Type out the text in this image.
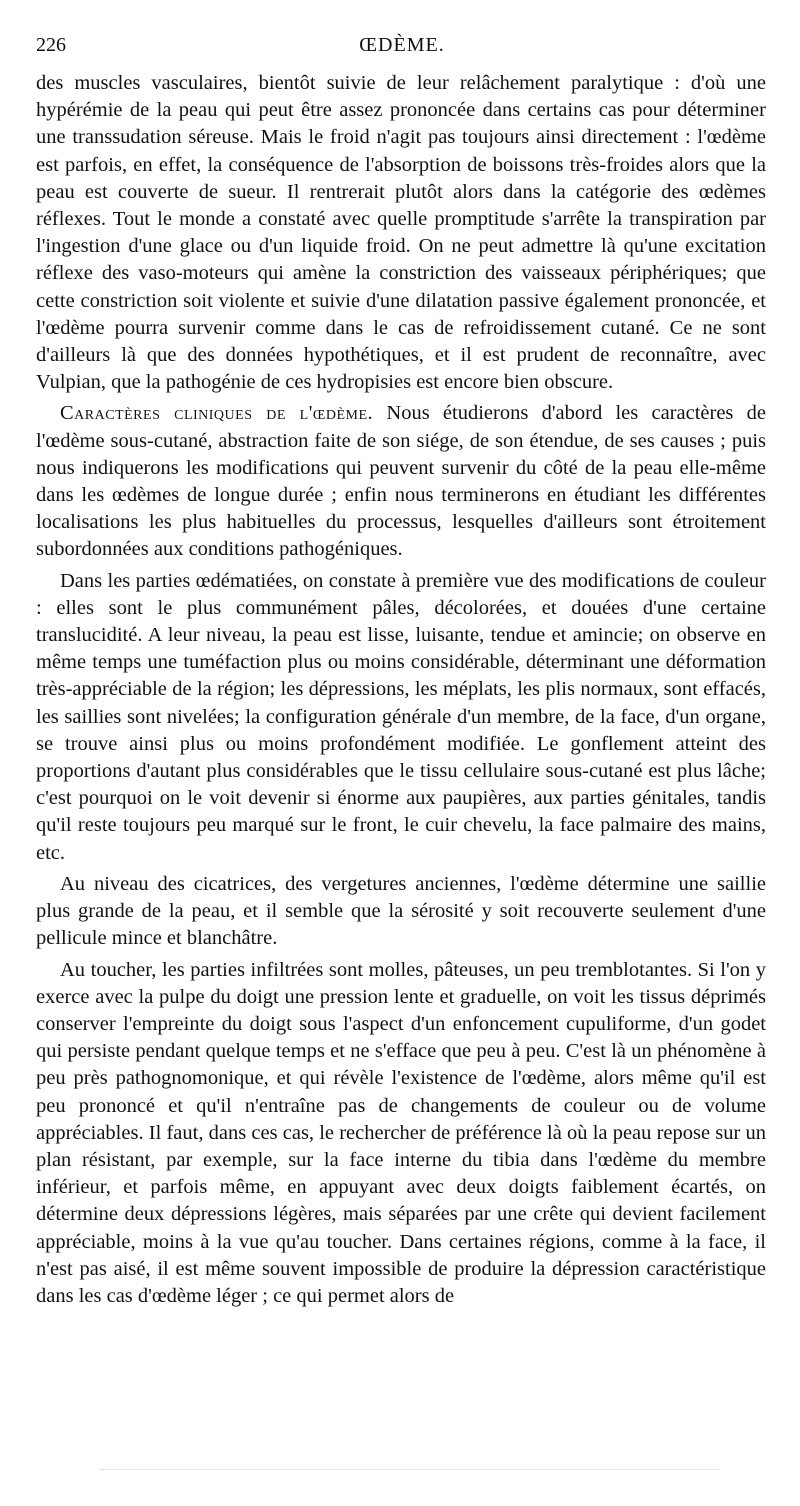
226	ŒDÈME.

des muscles vasculaires, bientôt suivie de leur relâchement paralytique : d'où une hypérémie de la peau qui peut être assez prononcée dans certains cas pour déterminer une transsudation séreuse. Mais le froid n'agit pas toujours ainsi directement : l'œdème est parfois, en effet, la conséquence de l'absorption de boissons très-froides alors que la peau est couverte de sueur. Il rentrerait plutôt alors dans la catégorie des œdèmes réflexes. Tout le monde a constaté avec quelle promptitude s'arrête la transpiration par l'ingestion d'une glace ou d'un liquide froid. On ne peut admettre là qu'une excitation réflexe des vaso-moteurs qui amène la constriction des vaisseaux périphériques; que cette constriction soit violente et suivie d'une dilatation passive également prononcée, et l'œdème pourra survenir comme dans le cas de refroidissement cutané. Ce ne sont d'ailleurs là que des données hypothétiques, et il est prudent de reconnaître, avec Vulpian, que la pathogénie de ces hydropisies est encore bien obscure.

Caractères cliniques de l'œdème. Nous étudierons d'abord les caractères de l'œdème sous-cutané, abstraction faite de son siége, de son étendue, de ses causes ; puis nous indiquerons les modifications qui peuvent survenir du côté de la peau elle-même dans les œdèmes de longue durée ; enfin nous terminerons en étudiant les différentes localisations les plus habituelles du processus, lesquelles d'ailleurs sont étroitement subordonnées aux conditions pathogéniques.

Dans les parties œdématiées, on constate à première vue des modifications de couleur : elles sont le plus communément pâles, décolorées, et douées d'une certaine translucidité. A leur niveau, la peau est lisse, luisante, tendue et amincie; on observe en même temps une tuméfaction plus ou moins considérable, déterminant une déformation très-appréciable de la région; les dépressions, les méplats, les plis normaux, sont effacés, les saillies sont nivelées; la configuration générale d'un membre, de la face, d'un organe, se trouve ainsi plus ou moins profondément modifiée. Le gonflement atteint des proportions d'autant plus considérables que le tissu cellulaire sous-cutané est plus lâche; c'est pourquoi on le voit devenir si énorme aux paupières, aux parties génitales, tandis qu'il reste toujours peu marqué sur le front, le cuir chevelu, la face palmaire des mains, etc.

Au niveau des cicatrices, des vergetures anciennes, l'œdème détermine une saillie plus grande de la peau, et il semble que la sérosité y soit recouverte seulement d'une pellicule mince et blanchâtre.

Au toucher, les parties infiltrées sont molles, pâteuses, un peu tremblotantes. Si l'on y exerce avec la pulpe du doigt une pression lente et graduelle, on voit les tissus déprimés conserver l'empreinte du doigt sous l'aspect d'un enfoncement cupuliforme, d'un godet qui persiste pendant quelque temps et ne s'efface que peu à peu. C'est là un phénomène à peu près pathognomonique, et qui révèle l'existence de l'œdème, alors même qu'il est peu prononcé et qu'il n'entraîne pas de changements de couleur ou de volume appréciables. Il faut, dans ces cas, le rechercher de préférence là où la peau repose sur un plan résistant, par exemple, sur la face interne du tibia dans l'œdème du membre inférieur, et parfois même, en appuyant avec deux doigts faiblement écartés, on détermine deux dépressions légères, mais séparées par une crête qui devient facilement appréciable, moins à la vue qu'au toucher. Dans certaines régions, comme à la face, il n'est pas aisé, il est même souvent impossible de produire la dépression caractéristique dans les cas d'œdème léger ; ce qui permet alors de
